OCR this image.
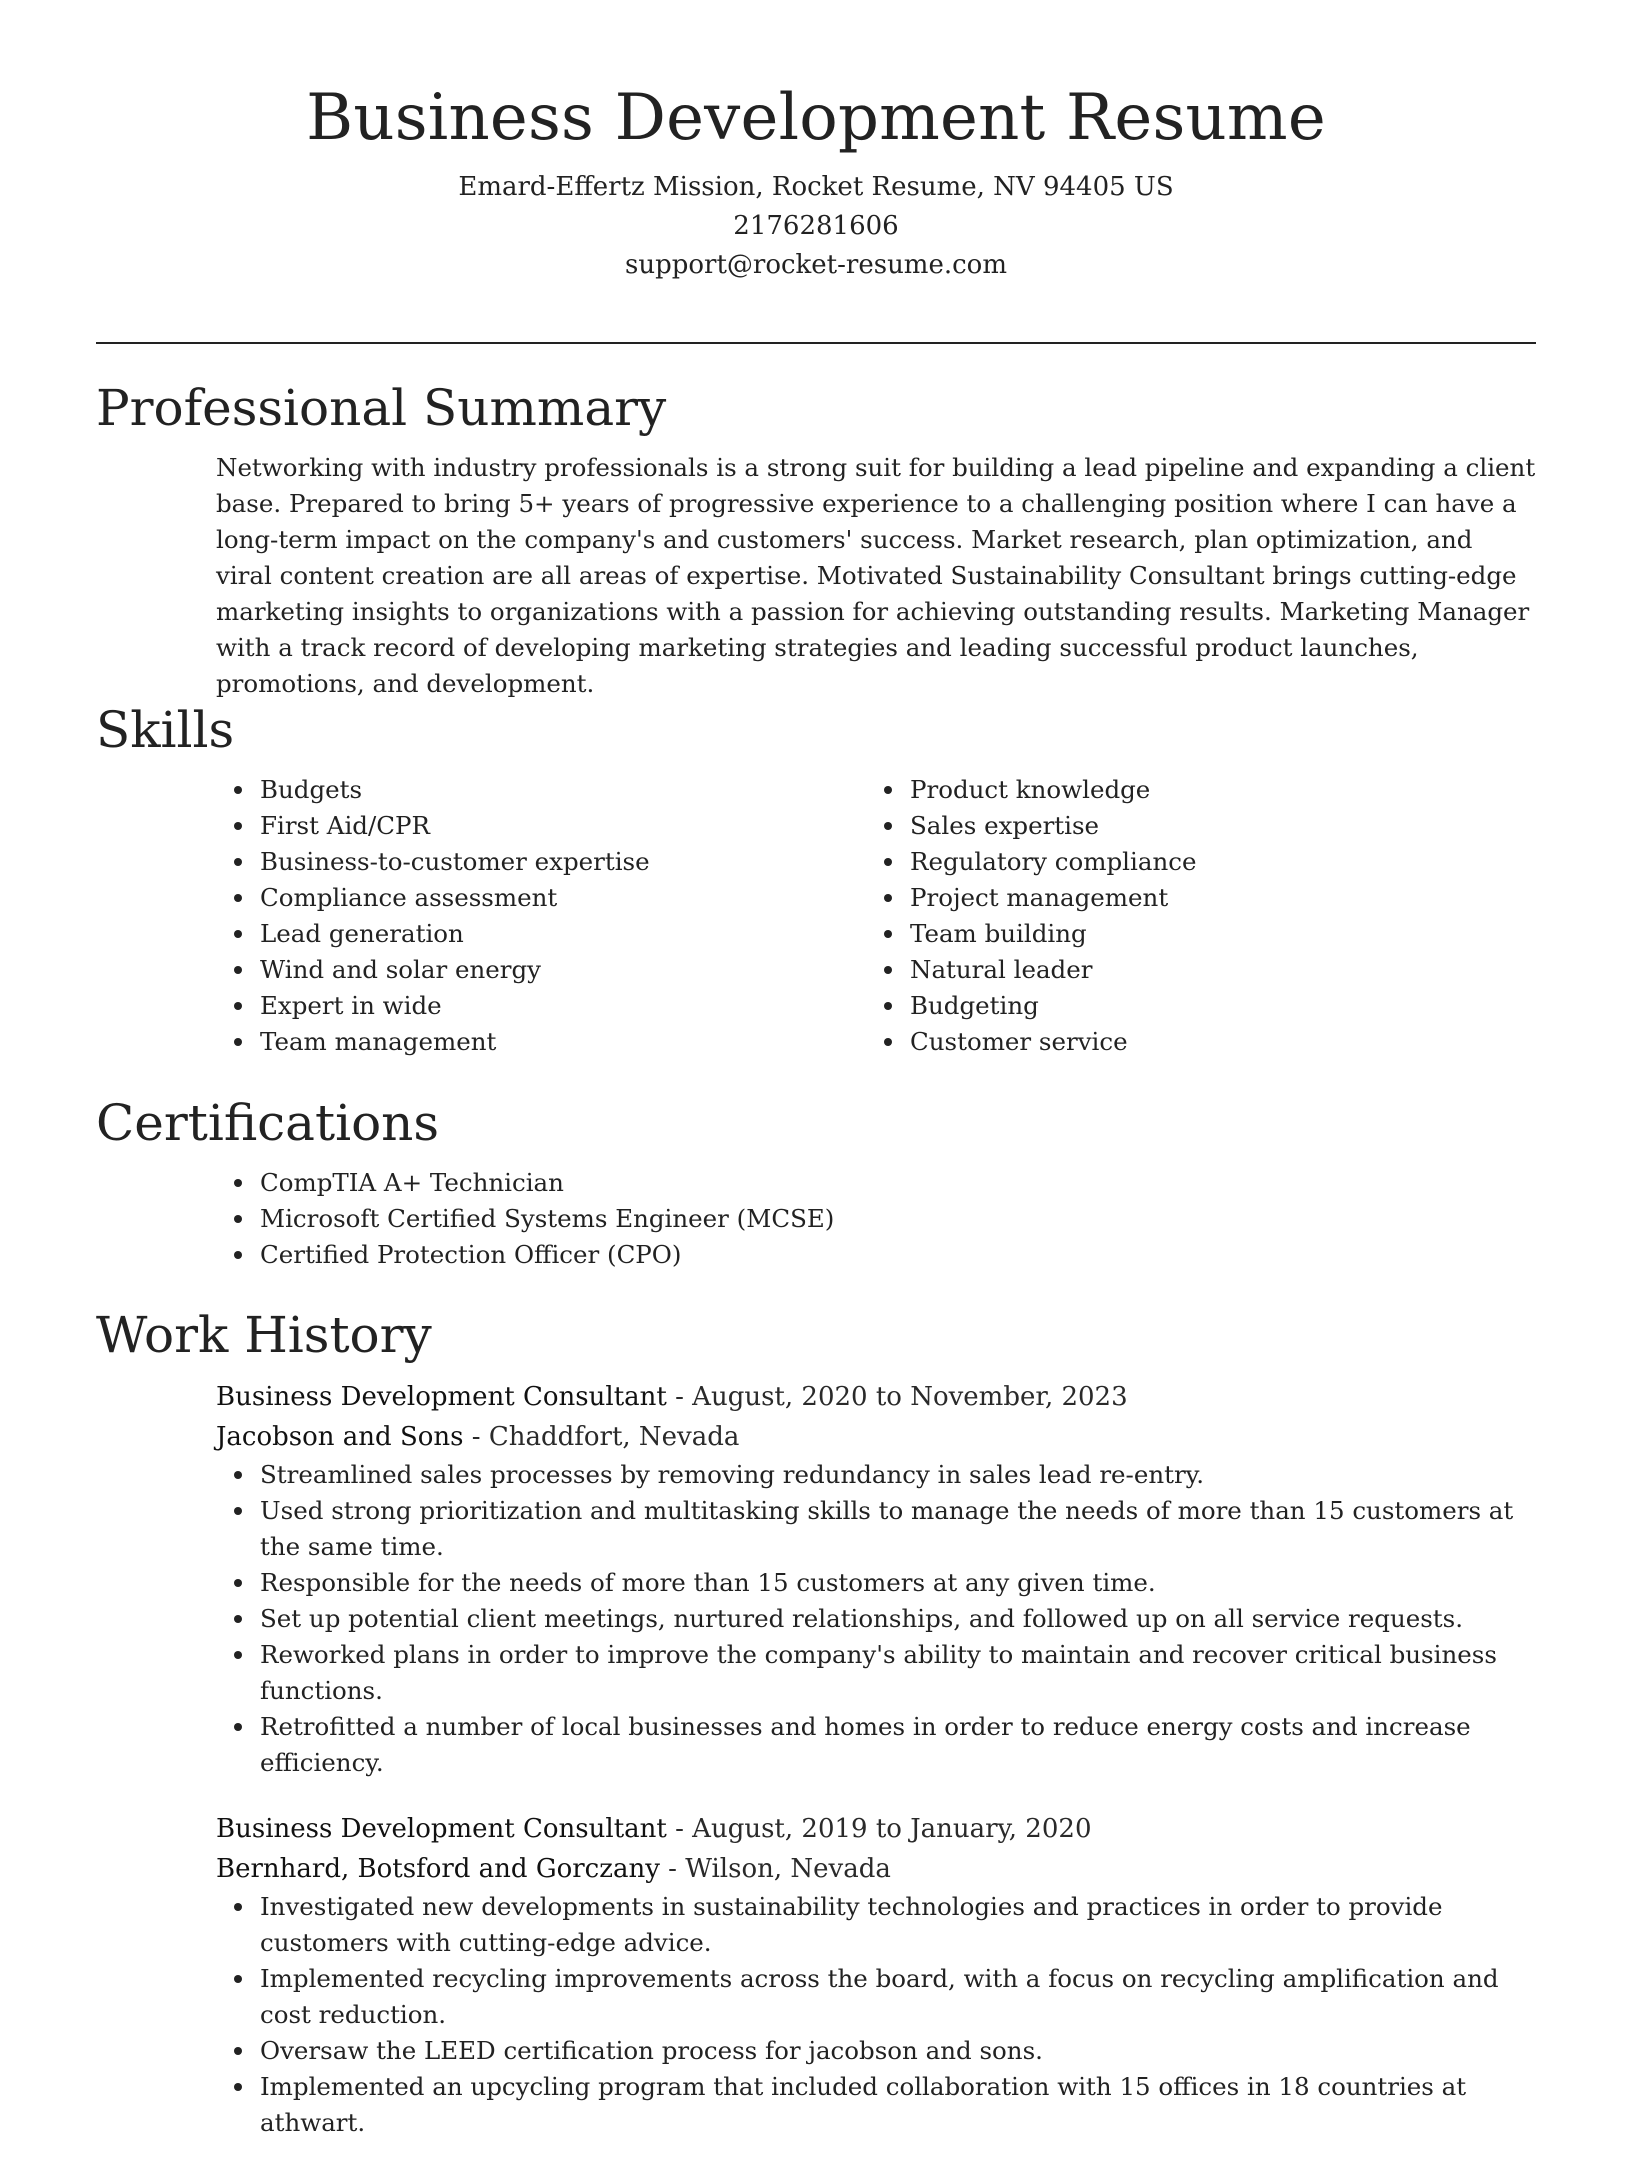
Business Development Resume
Emard-Effertz Mission, Rocket Resume, NV 94405 US
2176281606
support@rocket-resume.com
Professional Summary
Networking with industry professionals is a strong suit for building a lead pipeline and expanding a client base. Prepared to bring 5+ years of progressive experience to a challenging position where I can have a long-term impact on the company's and customers' success. Market research, plan optimization, and viral content creation are all areas of expertise. Motivated Sustainability Consultant brings cutting-edge marketing insights to organizations with a passion for achieving outstanding results. Marketing Manager with a track record of developing marketing strategies and leading successful product launches, promotions, and development.
Skills
Budgets
First Aid/CPR
Business-to-customer expertise
Compliance assessment
Lead generation
Wind and solar energy
Expert in wide
Team management
Product knowledge
Sales expertise
Regulatory compliance
Project management
Team building
Natural leader
Budgeting
Customer service
Certifications
CompTIA A+ Technician
Microsoft Certified Systems Engineer (MCSE)
Certified Protection Officer (CPO)
Work History
Business Development Consultant - August, 2020 to November, 2023
Jacobson and Sons - Chaddfort, Nevada
Streamlined sales processes by removing redundancy in sales lead re-entry.
Used strong prioritization and multitasking skills to manage the needs of more than 15 customers at the same time.
Responsible for the needs of more than 15 customers at any given time.
Set up potential client meetings, nurtured relationships, and followed up on all service requests.
Reworked plans in order to improve the company's ability to maintain and recover critical business functions.
Retrofitted a number of local businesses and homes in order to reduce energy costs and increase efficiency.
Business Development Consultant - August, 2019 to January, 2020
Bernhard, Botsford and Gorczany - Wilson, Nevada
Investigated new developments in sustainability technologies and practices in order to provide customers with cutting-edge advice.
Implemented recycling improvements across the board, with a focus on recycling amplification and cost reduction.
Oversaw the LEED certification process for jacobson and sons.
Implemented an upcycling program that included collaboration with 15 offices in 18 countries at athwart.
